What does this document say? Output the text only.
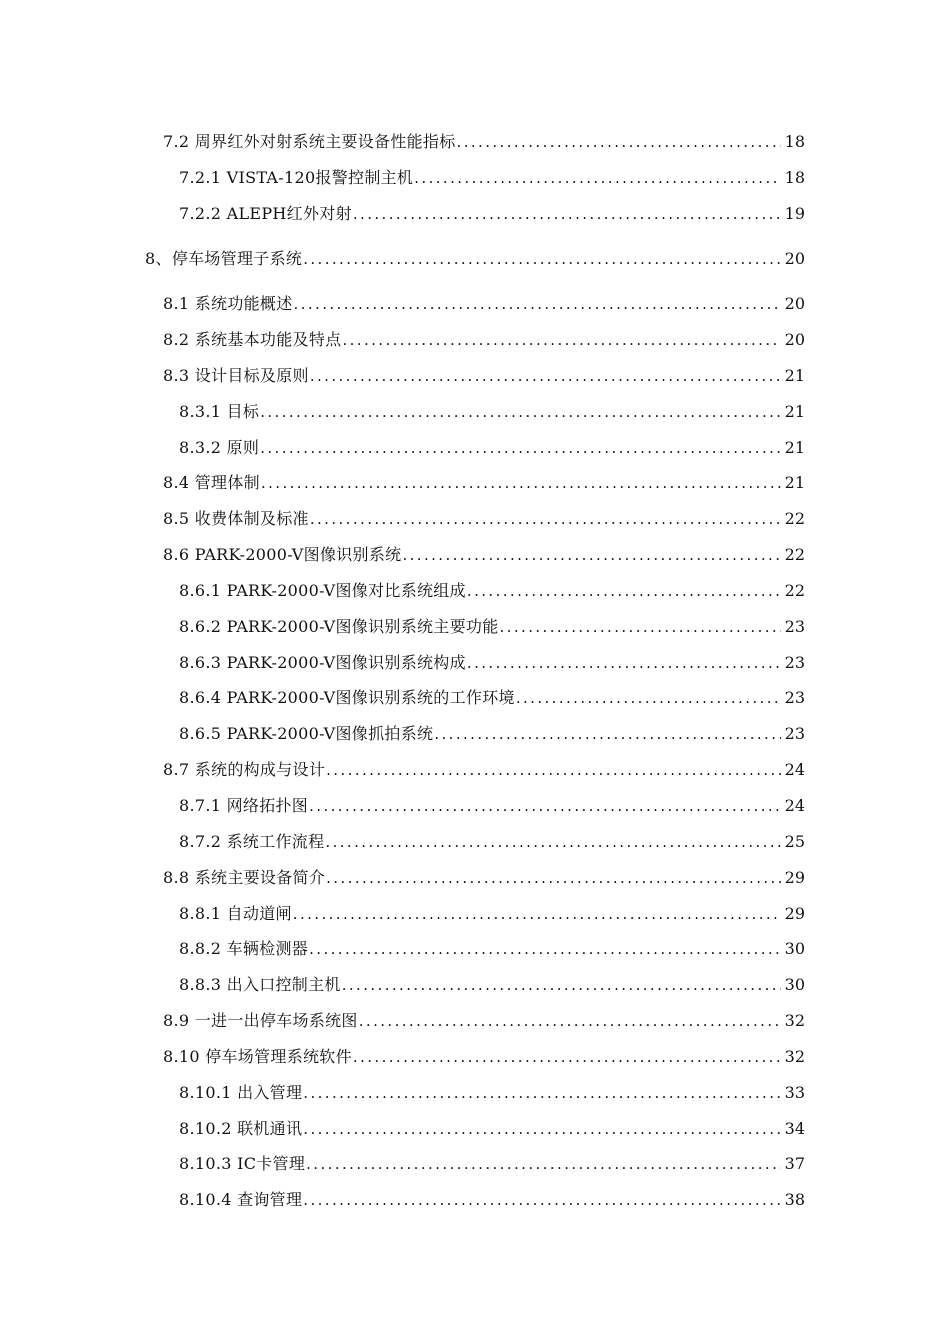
7.2 周界红外对射系统主要设备性能指标 .....	18
7.2.1 VISTA-120报警控制主机 .....	18
7.2.2 ALEPH红外对射 .....	19
8、停车场管理子系统 .....	20
8.1 系统功能概述 .....	20
8.2 系统基本功能及特点 .....	20
8.3 设计目标及原则 .....	21
8.3.1 目标 .....	21
8.3.2 原则 .....	21
8.4 管理体制 .....	21
8.5 收费体制及标准 .....	22
8.6 PARK-2000-V图像识别系统 .....	22
8.6.1 PARK-2000-V图像对比系统组成 .....	22
8.6.2 PARK-2000-V图像识别系统主要功能 .....	23
8.6.3 PARK-2000-V图像识别系统构成 .....	23
8.6.4 PARK-2000-V图像识别系统的工作环境 .....	23
8.6.5 PARK-2000-V图像抓拍系统 .....	23
8.7 系统的构成与设计 .....	24
8.7.1 网络拓扑图 .....	24
8.7.2 系统工作流程 .....	25
8.8 系统主要设备简介 .....	29
8.8.1 自动道闸 .....	29
8.8.2 车辆检测器 .....	30
8.8.3 出入口控制主机 .....	30
8.9 一进一出停车场系统图 .....	32
8.10 停车场管理系统软件 .....	32
8.10.1 出入管理 .....	33
8.10.2 联机通讯 .....	34
8.10.3 IC卡管理 .....	37
8.10.4 查询管理 .....	38
